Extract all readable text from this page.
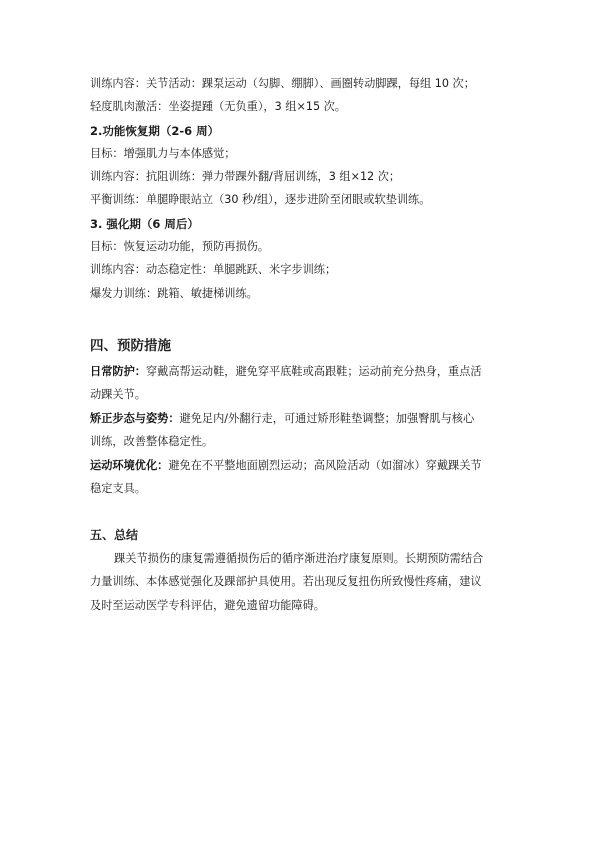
训练内容：关节活动：踝泵运动（勾脚、绷脚）、画圈转动脚踝，每组 10 次；
轻度肌肉激活：坐姿提踵（无负重），3 组×15 次。
2.功能恢复期（2-6 周）
目标：增强肌力与本体感觉；
训练内容：抗阻训练：弹力带踝外翻/背屈训练，3 组×12 次；
平衡训练：单腿睁眼站立（30 秒/组），逐步进阶至闭眼或软垫训练。
3. 强化期（6 周后）
目标：恢复运动功能，预防再损伤。
训练内容：动态稳定性：单腿跳跃、米字步训练；
爆发力训练：跳箱、敏捷梯训练。
四、预防措施
日常防护：穿戴高帮运动鞋，避免穿平底鞋或高跟鞋；运动前充分热身，重点活
动踝关节。
矫正步态与姿势：避免足内/外翻行走，可通过矫形鞋垫调整；加强臀肌与核心
训练，改善整体稳定性。
运动环境优化：避免在不平整地面剧烈运动；高风险活动（如溜冰）穿戴踝关节
稳定支具。
五、总结
踝关节损伤的康复需遵循损伤后的循序渐进治疗康复原则。长期预防需结合
力量训练、本体感觉强化及踝部护具使用。若出现反复扭伤所致慢性疼痛，建议
及时至运动医学专科评估，避免遗留功能障碍。
